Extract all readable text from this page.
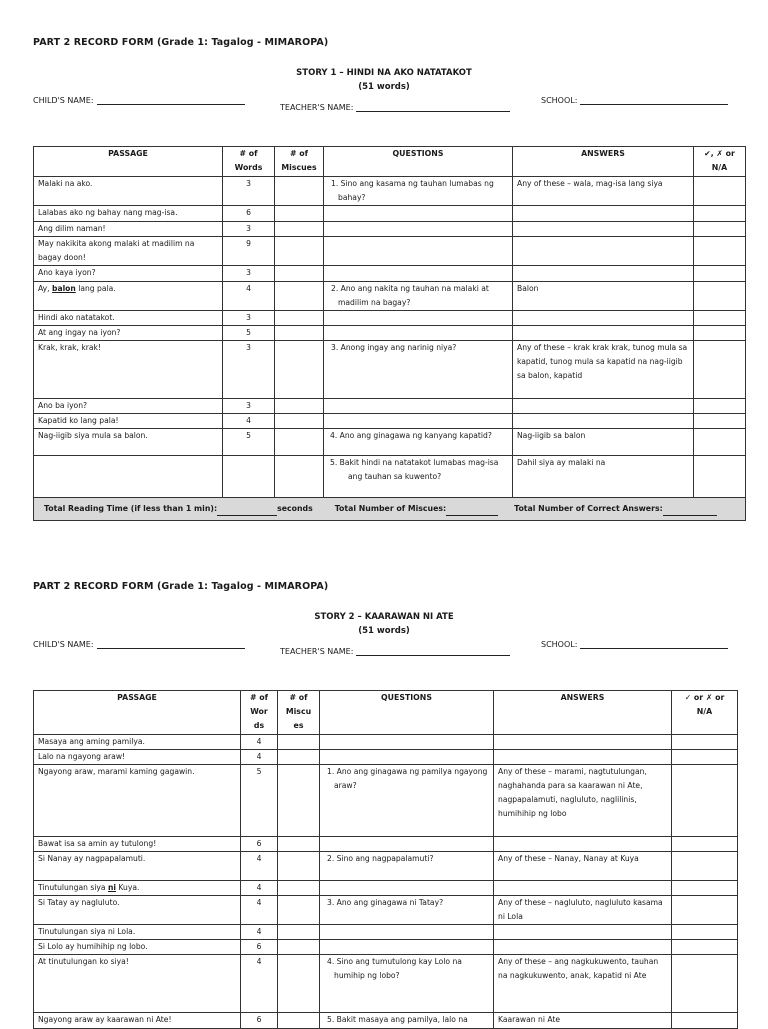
PART 2 RECORD FORM (Grade 1: Tagalog - MIMAROPA)
STORY 1 – HINDI NA AKO NATATAKOT
(51 words)
CHILD'S NAME:
TEACHER'S NAME:
SCHOOL:
PASSAGE	# of Words	# of Miscues	QUESTIONS	ANSWERS	✔, ✗ or N/A
Malaki na ako.	3		1. Sino ang kasama ng tauhan lumabas ng bahay?	Any of these – wala, mag-isa lang siya	
Lalabas ako ng bahay nang mag-isa.	6				
Ang dilim naman!	3				
May nakikita akong malaki at madilim na bagay doon!	9				
Ano kaya iyon?	3				
Ay, balon lang pala.	4		2. Ano ang nakita ng tauhan na malaki at madilim na bagay?	Balon	
Hindi ako natatakot.	3				
At ang ingay na iyon?	5				
Krak, krak, krak!	3		3. Anong ingay ang narinig niya?	Any of these – krak krak krak, tunog mula sa kapatid, tunog mula sa kapatid na nag-iigib sa balon, kapatid	
Ano ba iyon?	3				
Kapatid ko lang pala!	4				
Nag-iigib siya mula sa balon.	5		4. Ano ang ginagawa ng kanyang kapatid?	Nag-iigib sa balon	

			5. Bakit hindi na natatakot lumabas mag-isa ang tauhan sa kuwento?	Dahil siya ay malaki na	
Total Reading Time (if less than 1 min): seconds Total Number of Miscues: Total Number of Correct Answers:					
PART 2 RECORD FORM (Grade 1: Tagalog - MIMAROPA)
STORY 2 – KAARAWAN NI ATE
(51 words)
CHILD'S NAME:
TEACHER'S NAME:
SCHOOL:
PASSAGE	# of Wor ds	# of Miscu es	QUESTIONS	ANSWERS	✓ or ✗ or N/A
Masaya ang aming pamilya.	4				
Lalo na ngayong araw!	4				
Ngayong araw, marami kaming gagawin.	5		1. Ano ang ginagawa ng pamilya ngayong araw?	Any of these – marami, nagtutulungan, naghahanda para sa kaarawan ni Ate, nagpapalamuti, nagluluto, naglilinis, humihihip ng lobo	
Bawat isa sa amin ay tutulong!	6				
Si Nanay ay nagpapalamuti.	4		2. Sino ang nagpapalamuti?	Any of these – Nanay, Nanay at Kuya	
Tinutulungan siya ni Kuya.	4				
Si Tatay ay nagluluto.	4		3. Ano ang ginagawa ni Tatay?	Any of these – nagluluto, nagluluto kasama ni Lola	
Tinutulungan siya ni Lola.	4				
Si Lolo ay humihihip ng lobo.	6				
At tinutulungan ko siya!	4		4. Sino ang tumutulong kay Lolo na humihip ng lobo?	Any of these – ang nagkukuwento, tauhan na nagkukuwento, anak, kapatid ni Ate	
Ngayong araw ay kaarawan ni Ate!	6		5. Bakit masaya ang pamilya, lalo na	Kaarawan ni Ate	
